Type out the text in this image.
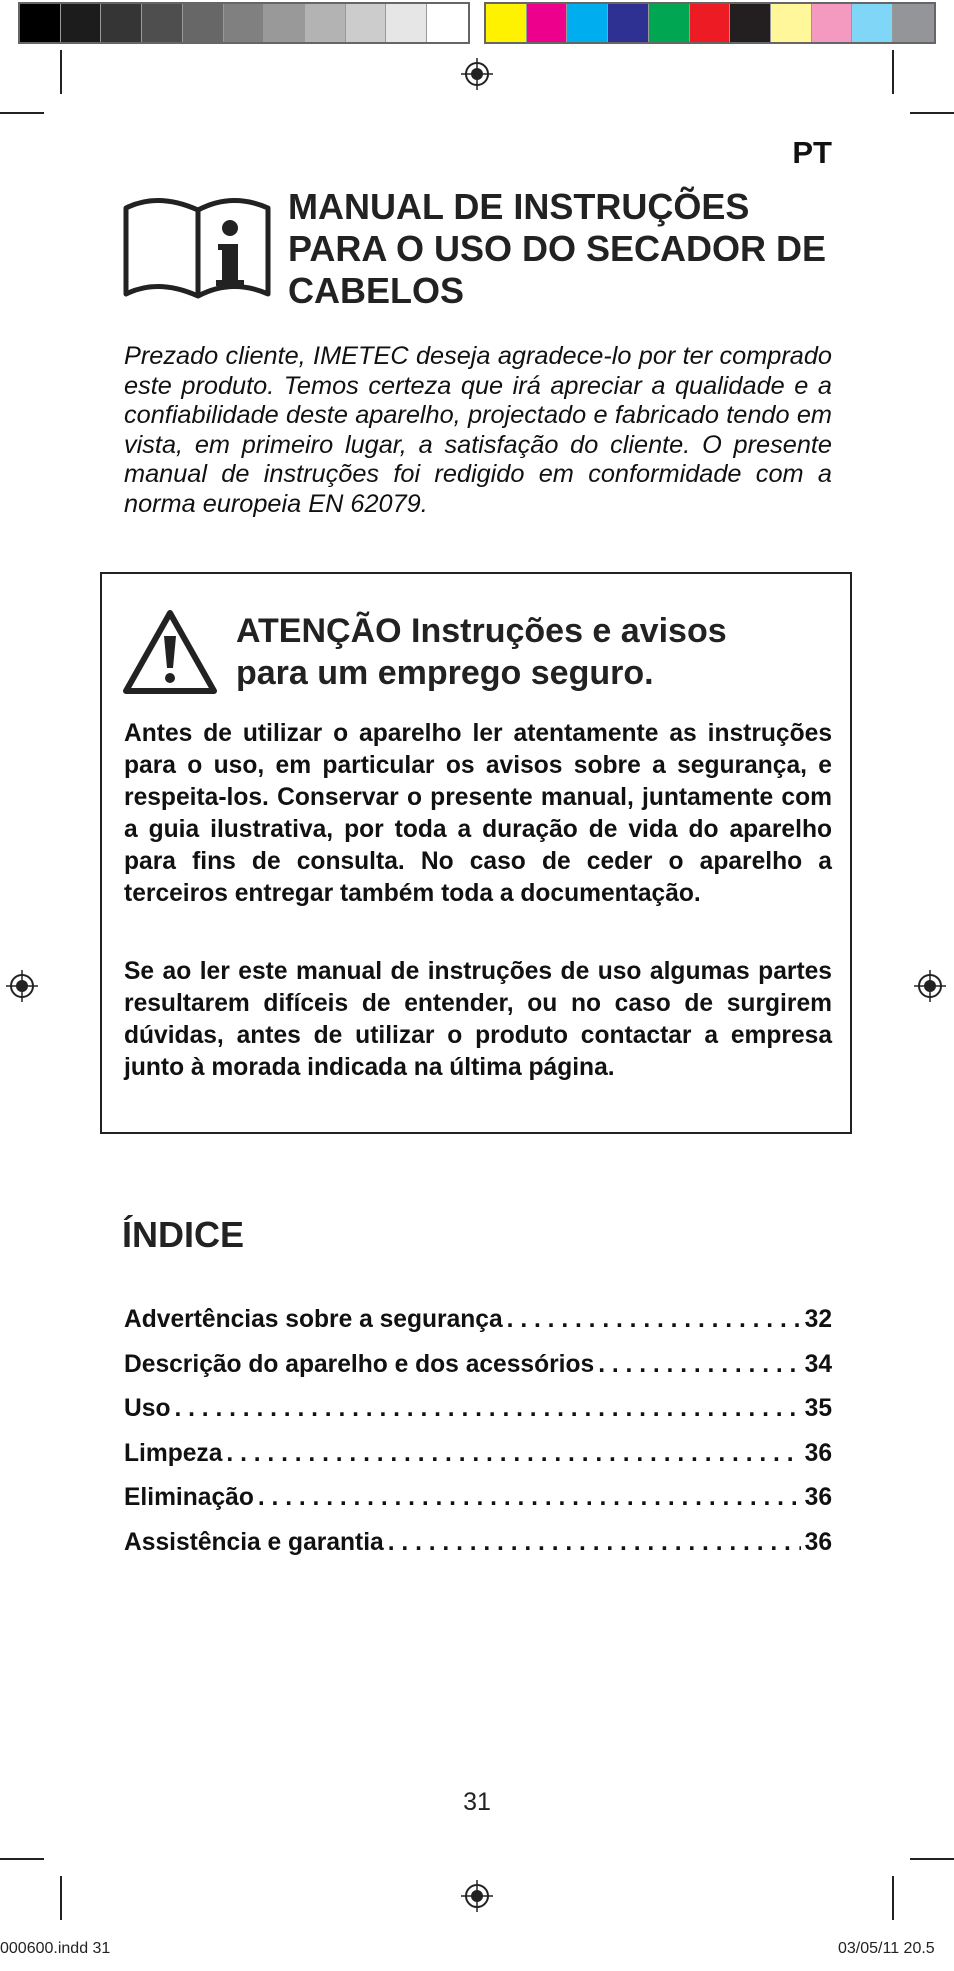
PT
MANUAL DE INSTRUÇÕES
PARA O USO DO SECADOR DE
CABELOS

Prezado cliente, IMETEC deseja agradece-lo por ter comprado este produto. Temos certeza que irá apreciar a qualidade e a confiabilidade deste aparelho, projectado e fabricado tendo em vista, em primeiro lugar, a satisfação do cliente. O presente manual de instruções foi redigido em conformidade com a norma europeia EN 62079.

ATENÇÃO Instruções e avisos
para um emprego seguro.

Antes de utilizar o aparelho ler atentamente as instruções para o uso, em particular os avisos sobre a segurança, e respeita-los. Conservar o presente manual, juntamente com a guia ilustrativa, por toda a duração de vida do aparelho para fins de consulta. No caso de ceder o aparelho a terceiros entregar também toda a documentação.

Se ao ler este manual de instruções de uso algumas partes resultarem difíceis de entender, ou no caso de surgirem dúvidas, antes de utilizar o produto contactar a empresa junto à morada indicada na última página.

ÍNDICE
Advertências sobre a segurança . . .	32
Descrição do aparelho e dos acessórios . . .	34
Uso . . .	35
Limpeza . . .	36
Eliminação . . .	36
Assistência e garantia . . .	36
31
000600.indd 31	03/05/11 20.5
